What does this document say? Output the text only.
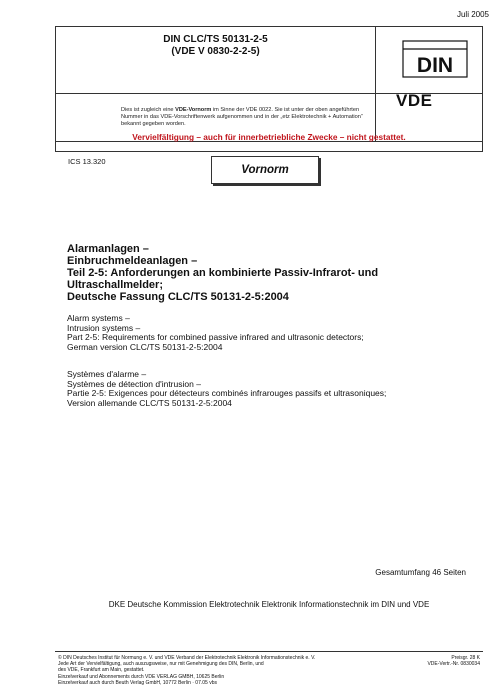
Juli 2005
DIN CLC/TS 50131-2-5
(VDE V 0830-2-2-5)
DIN
Dies ist zugleich eine VDE-Vornorm im Sinne der VDE 0022. Sie ist unter der oben angeführten Nummer in das VDE-Vorschriftenwerk aufgenommen und in der „etz Elektrotechnik + Automation“ bekannt gegeben worden.
VDE
Vervielfältigung – auch für innerbetriebliche Zwecke – nicht gestattet.
ICS 13.320
Vornorm
Alarmanlagen –
Einbruchmeldeanlagen –
Teil 2-5: Anforderungen an kombinierte Passiv-Infrarot- und
Ultraschallmelder;
Deutsche Fassung CLC/TS 50131-2-5:2004
Alarm systems –
Intrusion systems –
Part 2-5: Requirements for combined passive infrared and ultrasonic detectors;
German version CLC/TS 50131-2-5:2004
Systèmes d'alarme –
Systèmes de détection d'intrusion –
Partie 2-5: Exigences pour détecteurs combinés infrarouges passifs et ultrasoniques;
Version allemande CLC/TS 50131-2-5:2004
Gesamtumfang 46 Seiten
DKE Deutsche Kommission Elektrotechnik Elektronik Informationstechnik im DIN und VDE
© DIN Deutsches Institut für Normung e. V. und VDE Verband der Elektrotechnik Elektronik Informationstechnik e. V.
Jede Art der Vervielfältigung, auch auszugsweise, nur mit Genehmigung des DIN, Berlin, und
des VDE, Frankfurt am Main, gestattet.
Preisgr. 28 K
VDE-Vertr.-Nr. 0830034
Einzelverkauf und Abonnements durch VDE VERLAG GMBH, 10625 Berlin
Einzelverkauf auch durch Beuth Verlag GmbH, 10772 Berlin · 07.05 vbs
